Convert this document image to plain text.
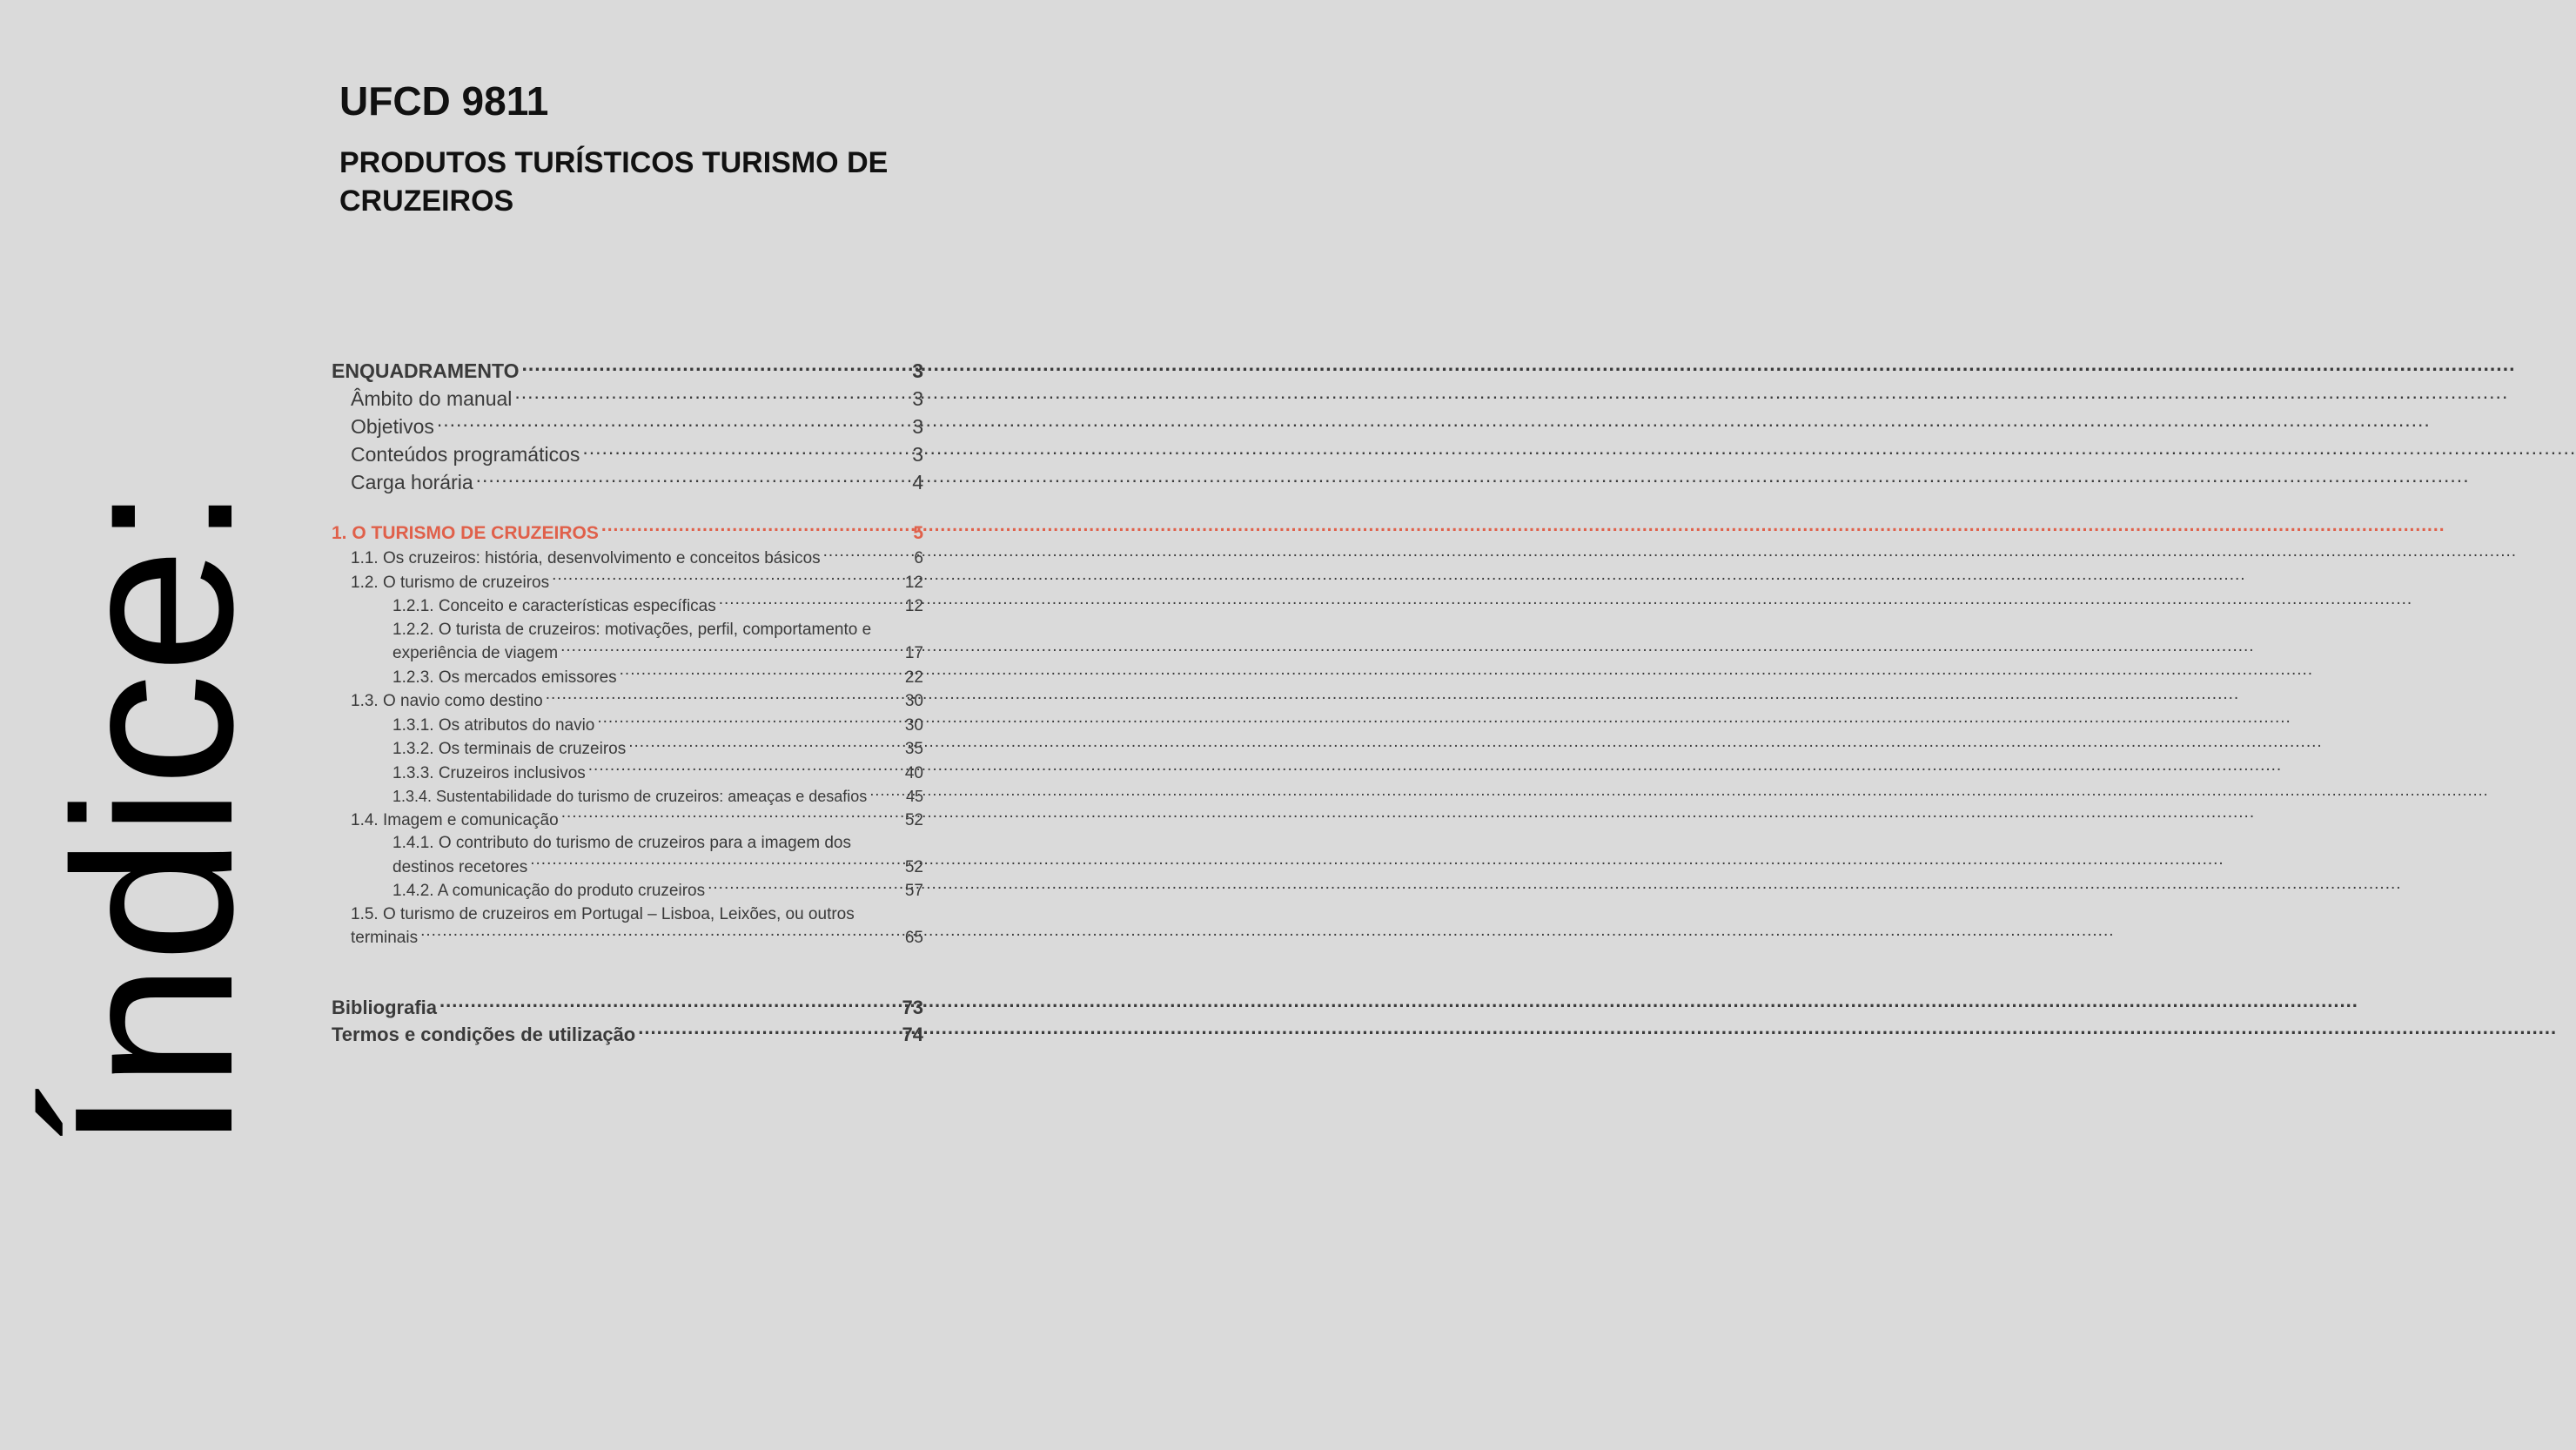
UFCD 9811
PRODUTOS TURÍSTICOS TURISMO DE CRUZEIROS
Índice:
ENQUADRAMENTO .....	3
Âmbito do manual .....	3
Objetivos .....	3
Conteúdos programáticos .....	3
Carga horária .....	4
1. O TURISMO DE CRUZEIROS .....	5
1.1. Os cruzeiros: história, desenvolvimento e conceitos básicos .....	6
1.2. O turismo de cruzeiros .....	12
1.2.1. Conceito e características específicas .....	12
1.2.2. O turista de cruzeiros: motivações, perfil, comportamento e
experiência de viagem .....	17
1.2.3. Os mercados emissores .....	22
1.3. O navio como destino .....	30
1.3.1. Os atributos do navio .....	30
1.3.2. Os terminais de cruzeiros .....	35
1.3.3. Cruzeiros inclusivos .....	40
1.3.4. Sustentabilidade do turismo de cruzeiros: ameaças e desafios ..... 45
1.4. Imagem e comunicação .....	52
1.4.1. O contributo do turismo de cruzeiros para a imagem dos
destinos recetores .....	52
1.4.2. A comunicação do produto cruzeiros .....	57
1.5. O turismo de cruzeiros em Portugal – Lisboa, Leixões, ou outros
terminais .....	65
Bibliografia .....	73
Termos e condições de utilização .....	74
